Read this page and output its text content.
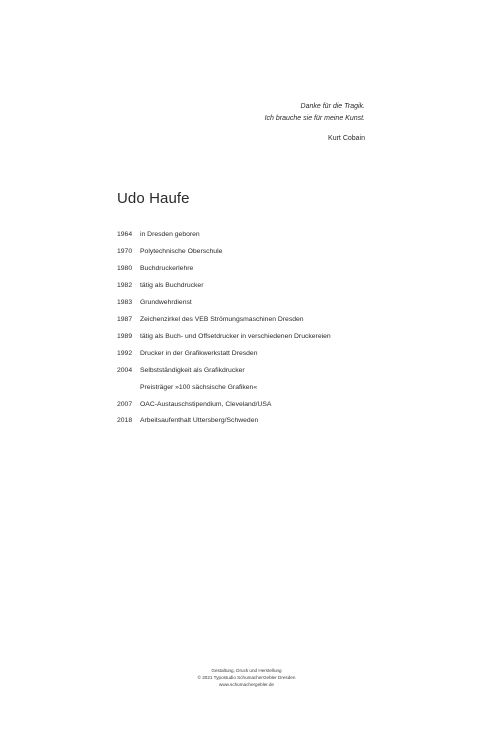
Danke für die Tragik.
Ich brauche sie für meine Kunst.
Kurt Cobain
Udo Haufe
1964	in Dresden geboren
1970	Polytechnische Oberschule
1980	Buchdruckerlehre
1982	tätig als Buchdrucker
1983	Grundwehrdienst
1987	Zeichenzirkel des VEB Strömungsmaschinen Dresden
1989	tätig als Buch- und Offsetdrucker in verschiedenen Druckereien
1992	Drucker in der Grafikwerkstatt Dresden
2004	Selbstständigkeit als Grafikdrucker
Preisträger »100 sächsische Grafiken«
2007	OAC-Austauschstipendium, Cleveland/USA
2018	Arbeitsaufenthalt Uttersberg/Schweden
Gestaltung, Druck und Herstellung
© 2021 Typostudio SchumacherGebler Dresden
www.schumachergebler.de
